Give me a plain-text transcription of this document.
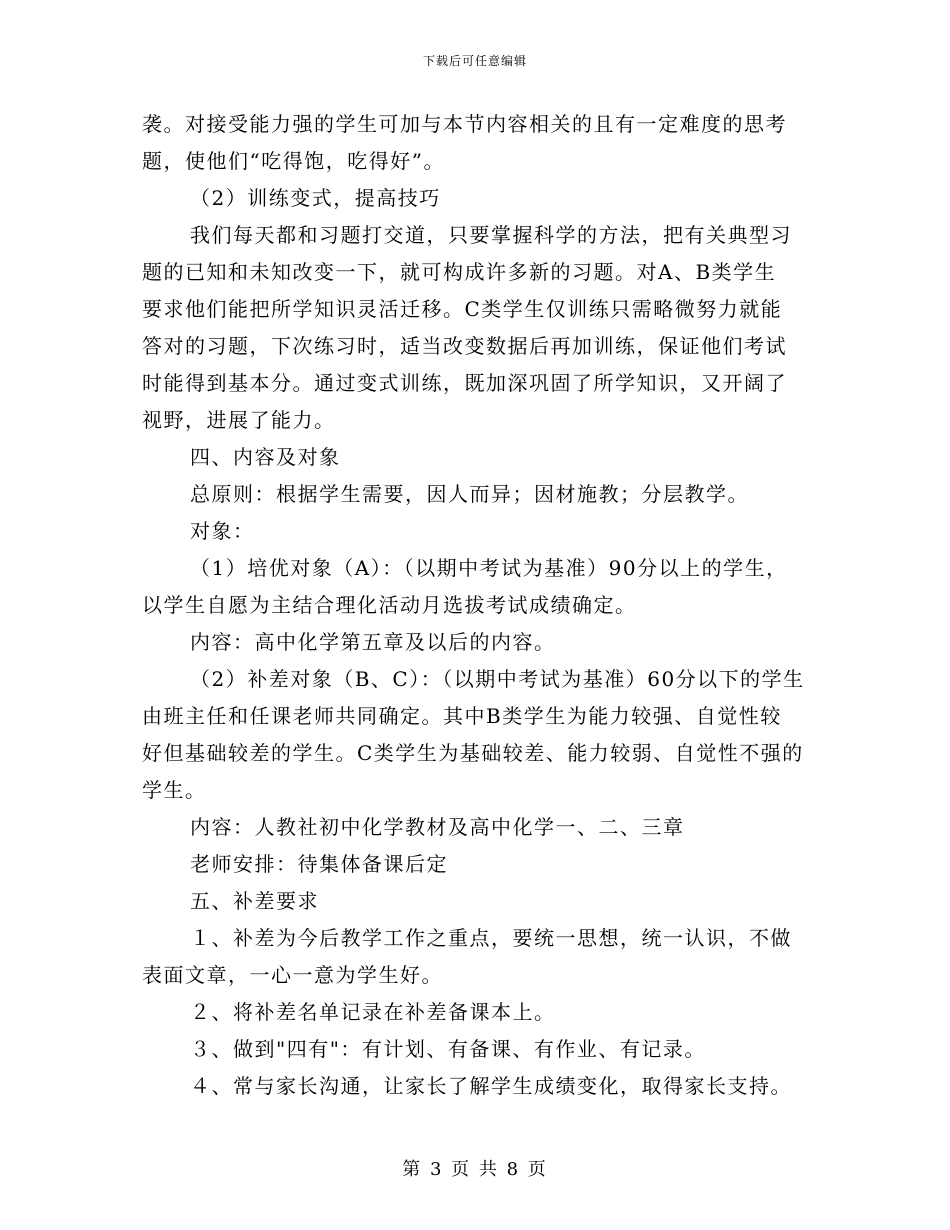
下载后可任意编辑

袭。对接受能力强的学生可加与本节内容相关的且有一定难度的思考

题，使他们“吃得饱，吃得好”。

（2）训练变式，提高技巧

我们每天都和习题打交道，只要掌握科学的方法，把有关典型习

题的已知和未知改变一下，就可构成许多新的习题。对A、B类学生

要求他们能把所学知识灵活迁移。C类学生仅训练只需略微努力就能

答对的习题，下次练习时，适当改变数据后再加训练，保证他们考试

时能得到基本分。通过变式训练，既加深巩固了所学知识，又开阔了

视野，进展了能力。

四、内容及对象

总原则：根据学生需要，因人而异；因材施教；分层教学。

对象：

（1）培优对象（A）：（以期中考试为基准）90分以上的学生，

以学生自愿为主结合理化活动月选拔考试成绩确定。

内容：高中化学第五章及以后的内容。

（2）补差对象（B、C）：（以期中考试为基准）60分以下的学生

由班主任和任课老师共同确定。其中B类学生为能力较强、自觉性较

好但基础较差的学生。C类学生为基础较差、能力较弱、自觉性不强的

学生。

内容：人教社初中化学教材及高中化学一、二、三章

老师安排：待集体备课后定

五、补差要求

１、补差为今后教学工作之重点，要统一思想，统一认识，不做

表面文章，一心一意为学生好。

２、将补差名单记录在补差备课本上。

３、做到"四有"：有计划、有备课、有作业、有记录。

４、常与家长沟通，让家长了解学生成绩变化，取得家长支持。

第 3 页 共 8 页
